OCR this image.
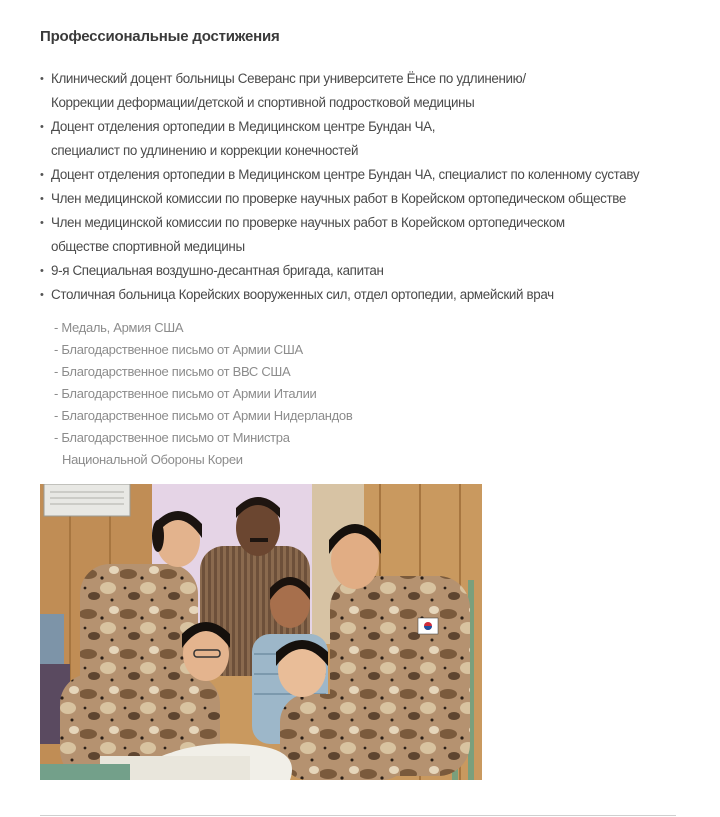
Профессиональные достижения
• Клинический доцент больницы Северанс при университете Ёнсе по удлинению/
Коррекции деформации/детской и спортивной подростковой медицины
• Доцент отделения ортопедии в Медицинском центре Бундан ЧА,
специалист по удлинению и коррекции конечностей
• Доцент отделения ортопедии в Медицинском центре Бундан ЧА, специалист по коленному суставу
• Член медицинской комиссии по проверке научных работ в Корейском ортопедическом обществе
• Член медицинской комиссии по проверке научных работ в Корейском ортопедическом
обществе спортивной медицины
• 9-я Специальная воздушно-десантная бригада, капитан
• Столичная больница Корейских вооруженных сил, отдел ортопедии, армейский врач
- Медаль, Армия США
- Благодарственное письмо от Армии США
- Благодарственное письмо от ВВС США
- Благодарственное письмо от Армии Италии
- Благодарственное письмо от Армии Нидерландов
- Благодарственное письмо от Министра
Национальной Обороны Кореи
